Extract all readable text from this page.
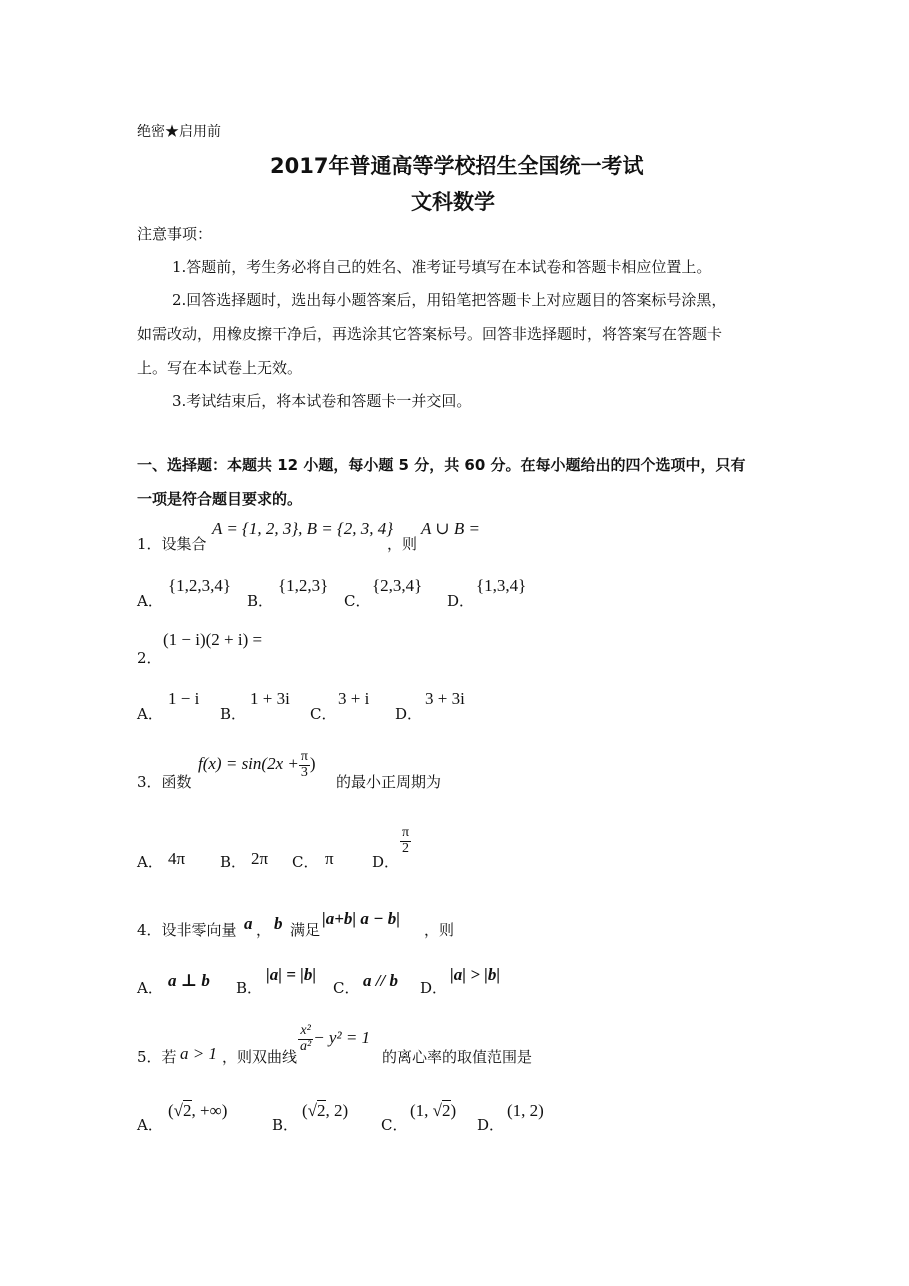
绝密★启用前
2017年普通高等学校招生全国统一考试
文科数学
注意事项：
1.答题前，考生务必将自己的姓名、准考证号填写在本试卷和答题卡相应位置上。
2.回答选择题时，选出每小题答案后，用铅笔把答题卡上对应题目的答案标号涂黑，
如需改动，用橡皮擦干净后，再选涂其它答案标号。回答非选择题时，将答案写在答题卡
上。写在本试卷上无效。
3.考试结束后，将本试卷和答题卡一并交回。
一、选择题：本题共 12 小题，每小题 5 分，共 60 分。在每小题给出的四个选项中，只有
一项是符合题目要求的。
1．设集合
A = {1, 2, 3}, B = {2, 3, 4}
，则
A ∪ B =
A．
{1,2,3,4}
B．
{1,2,3}
C．
{2,3,4}
D．
{1,3,4}
2．
(1 − i)(2 + i) =
A．
1 − i
B．
1 + 3i
C．
3 + i
D．
3 + 3i
3．函数
$f(x) = \sin(2x + \frac{\pi}{3}$ )
的最小正周期为
A． 4π B． 2π C． π	D．
$\frac{\pi}{2}$
4．设非零向量 a ， b 满足
|a+b| a − b|
，则
A． a ⊥ b B．
|a| = |b|
C． a // b D．
|a| > |b|
5．若 a > 1 ，则双曲线
$\frac{\text{x²}}{\text{a²}} - y^2 = 1$
的离心率的取值范围是
A．
(√2, +∞)
B．
(√2, 2)
C．
(1, √2)
D．
(1, 2)
